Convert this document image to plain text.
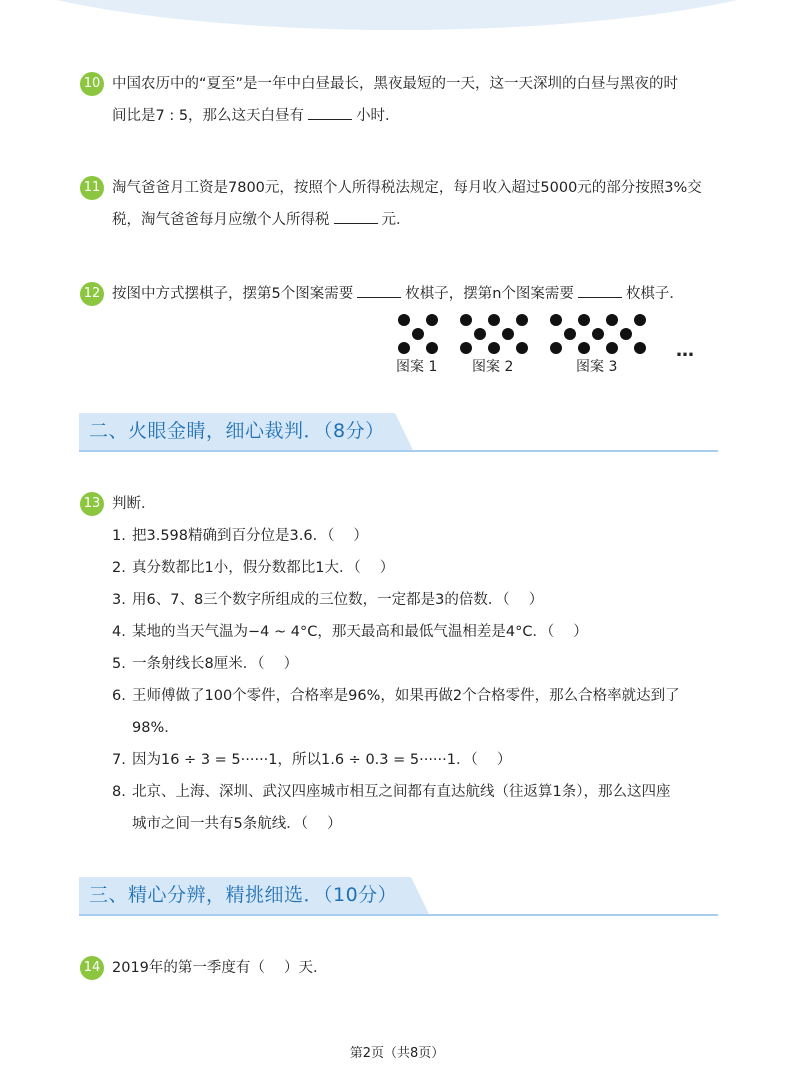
10 中国农历中的“夏至”是一年中白昼最长，黑夜最短的一天，这一天深圳的白昼与黑夜的时
间比是7 : 5，那么这天白昼有	小时．
11 淘气爸爸月工资是7800元，按照个人所得税法规定，每月收入超过5000元的部分按照3%交
税，淘气爸爸每月应缴个人所得税	元．
12 按图中方式摆棋子，摆第5个图案需要	枚棋子，摆第n个图案需要	枚棋子．
图案 1 图案 2	图案 3
…
二、火眼金睛，细心裁判．（8分）
13 判断．
1. 把3.598精确到百分位是3.6．（　 ）
2. 真分数都比1小，假分数都比1大．（　 ）
3. 用6、7、8三个数字所组成的三位数，一定都是3的倍数．（　 ）
4. 某地的当天气温为−4 ~ 4°C，那天最高和最低气温相差是4°C．（　 ）
5. 一条射线长8厘米．（　 ）
6. 王师傅做了100个零件，合格率是96%，如果再做2个合格零件，那么合格率就达到了
98%．
7. 因为16 ÷ 3 = 5······1，所以1.6 ÷ 0.3 = 5······1．（　 ）
8. 北京、上海、深圳、武汉四座城市相互之间都有直达航线（往返算1条），那么这四座
城市之间一共有5条航线．（　 ）
三、精心分辨，精挑细选．（10分）
14 2019年的第一季度有（　 ）天．
第2页（共8页）
